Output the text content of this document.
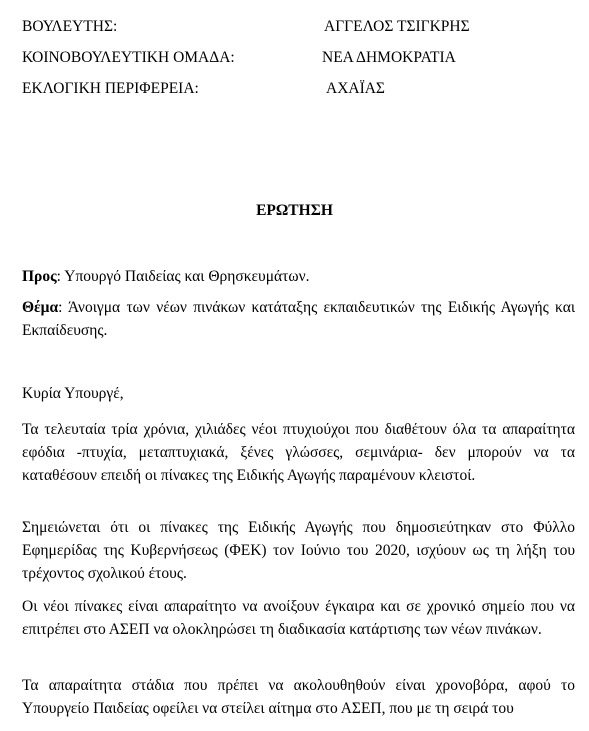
ΒΟΥΛΕΥΤΗΣ:	ΑΓΓΕΛΟΣ ΤΣΙΓΚΡΗΣ
ΚΟΙΝΟΒΟΥΛΕΥΤΙΚΗ ΟΜΑΔΑ:	ΝΕΑ ΔΗΜΟΚΡΑΤΙΑ
ΕΚΛΟΓΙΚΗ ΠΕΡΙΦΕΡΕΙΑ:	ΑΧΑΪΑΣ
ΕΡΩΤΗΣΗ
Προς: Υπουργό Παιδείας και Θρησκευμάτων.
Θέμα: Άνοιγμα των νέων πινάκων κατάταξης εκπαιδευτικών της Ειδικής Αγωγής και Εκπαίδευσης.
Κυρία Υπουργέ,
Τα τελευταία τρία χρόνια, χιλιάδες νέοι πτυχιούχοι που διαθέτουν όλα τα απαραίτητα εφόδια -πτυχία, μεταπτυχιακά, ξένες γλώσσες, σεμινάρια- δεν μπορούν να τα καταθέσουν επειδή οι πίνακες της Ειδικής Αγωγής παραμένουν κλειστοί.
Σημειώνεται ότι οι πίνακες της Ειδικής Αγωγής που δημοσιεύτηκαν στο Φύλλο Εφημερίδας της Κυβερνήσεως (ΦΕΚ) τον Ιούνιο του 2020, ισχύουν ως τη λήξη του τρέχοντος σχολικού έτους.
Οι νέοι πίνακες είναι απαραίτητο να ανοίξουν έγκαιρα και σε χρονικό σημείο που να επιτρέπει στο ΑΣΕΠ να ολοκληρώσει τη διαδικασία κατάρτισης των νέων πινάκων.
Τα απαραίτητα στάδια που πρέπει να ακολουθηθούν είναι χρονοβόρα, αφού το Υπουργείο Παιδείας οφείλει να στείλει αίτημα στο ΑΣΕΠ, που με τη σειρά του
